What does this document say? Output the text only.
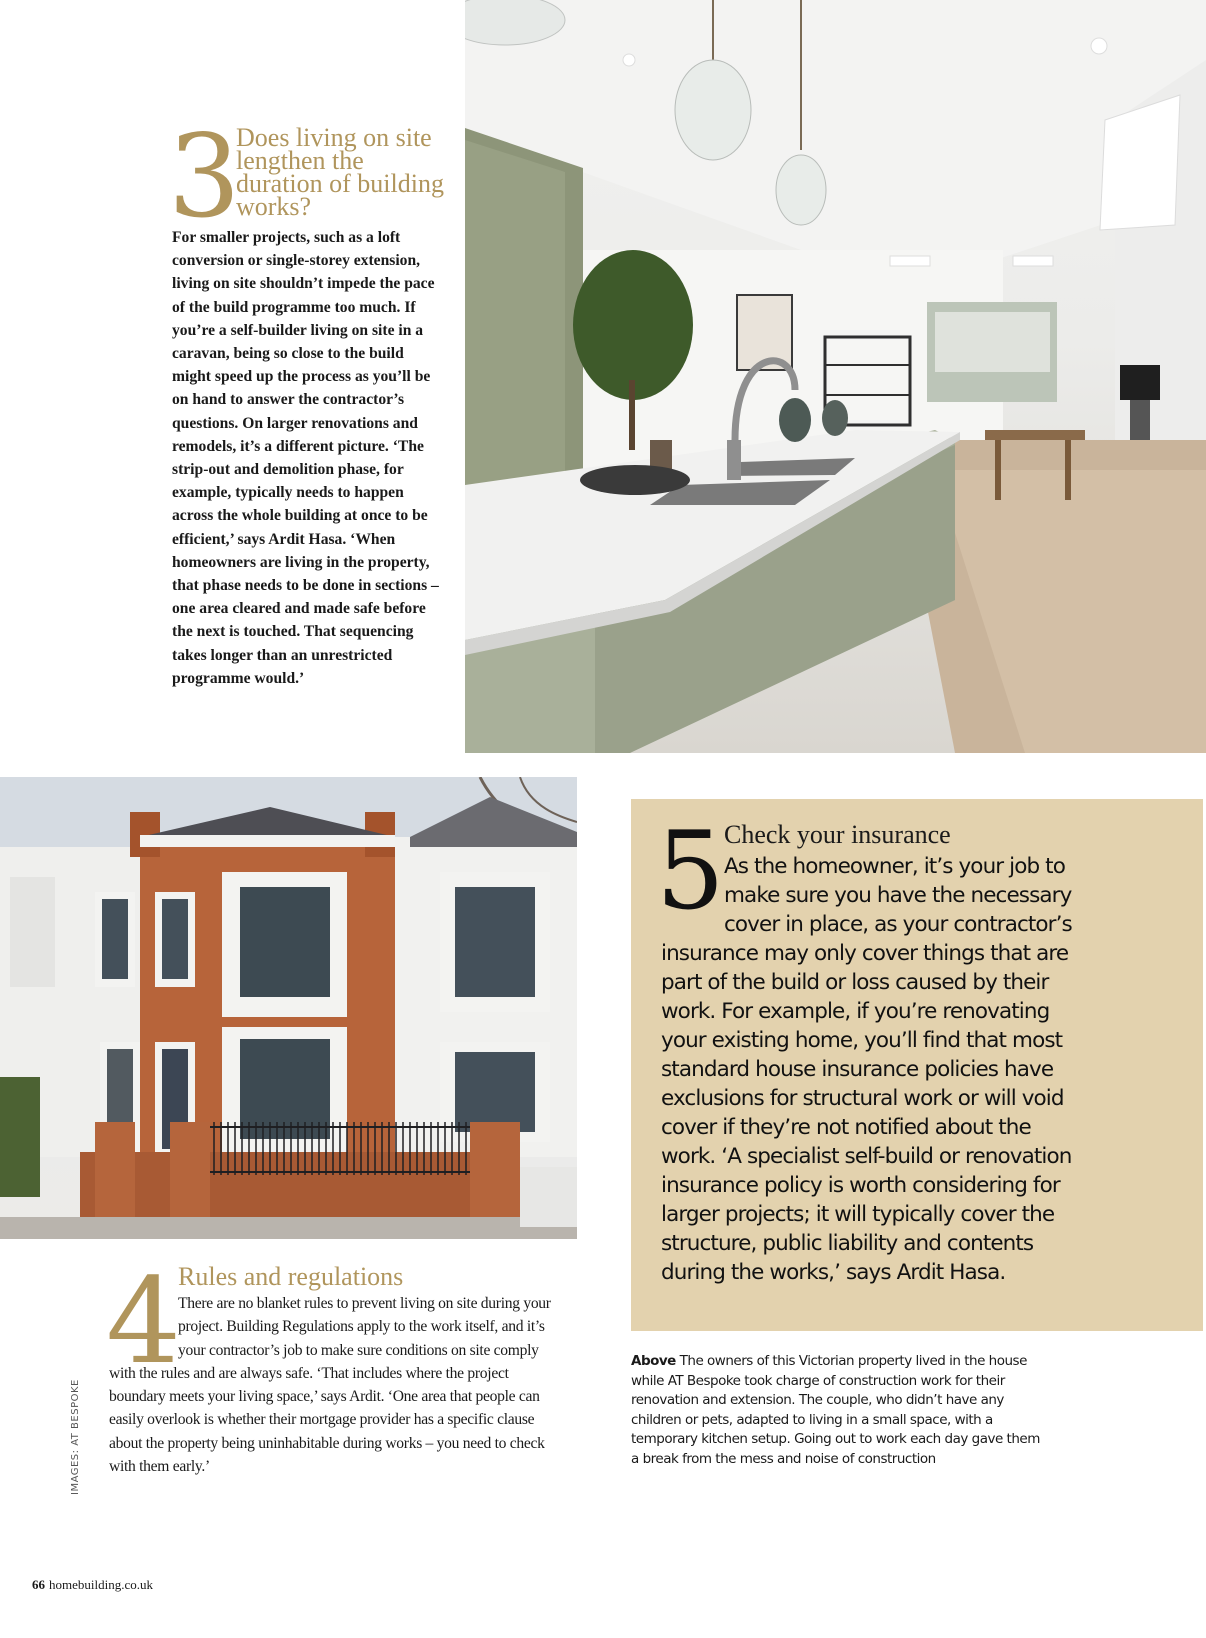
3
Does living on site lengthen the duration of building works?
For smaller projects, such as a loft conversion or single-storey extension, living on site shouldn’t impede the pace of the build programme too much. If you’re a self-builder living on site in a caravan, being so close to the build might speed up the process as you’ll be on hand to answer the contractor’s questions. On larger renovations and remodels, it’s a different picture. ‘The strip-out and demolition phase, for example, typically needs to happen across the whole building at once to be efficient,’ says Ardit Hasa. ‘When homeowners are living in the property, that phase needs to be done in sections – one area cleared and made safe before the next is touched. That sequencing takes longer than an unrestricted programme would.’
5 Check your insurance
As the homeowner, it’s your job to make sure you have the necessary cover in place, as your contractor’s insurance may only cover things that are part of the build or loss caused by their work. For example, if you’re renovating your existing home, you’ll find that most standard house insurance policies have exclusions for structural work or will void cover if they’re not notified about the work. ‘A specialist self-build or renovation insurance policy is worth considering for larger projects; it will typically cover the structure, public liability and contents during the works,’ says Ardit Hasa.
Above The owners of this Victorian property lived in the house while AT Bespoke took charge of construction work for their renovation and extension. The couple, who didn’t have any children or pets, adapted to living in a small space, with a temporary kitchen setup. Going out to work each day gave them a break from the mess and noise of construction
4
Rules and regulations
There are no blanket rules to prevent living on site during your project. Building Regulations apply to the work itself, and it’s your contractor’s job to make sure conditions on site comply with the rules and are always safe. ‘That includes where the project boundary meets your living space,’ says Ardit. ‘One area that people can easily overlook is whether their mortgage provider has a specific clause about the property being uninhabitable during works – you need to check with them early.’
IMAGES: AT BESPOKE
66 homebuilding.co.uk
